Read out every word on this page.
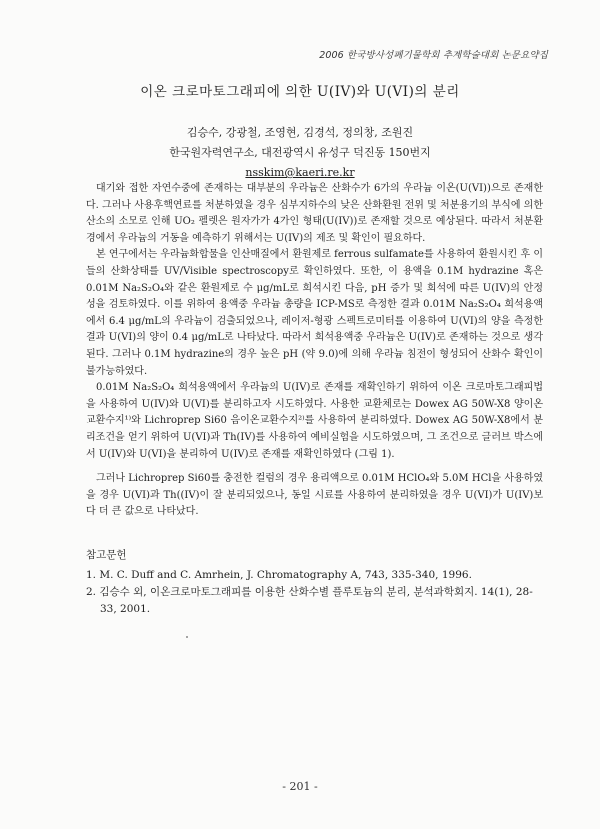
2006 한국방사성폐기물학회 추계학술대회 논문요약집
이온 크로마토그래피에 의한 U(IV)와 U(VI)의 분리
김승수, 강광철, 조영현, 김경석, 정의창, 조원진
한국원자력연구소, 대전광역시 유성구 덕진동 150번지
nsskim@kaeri.re.kr

대기와 접한 자연수중에 존재하는 대부분의 우라늄은 산화수가 6가의 우라늄 이온(U(VI))으로 존재한다. 그러나 사용후핵연료를 처분하였을 경우 심부지하수의 낮은 산화환원 전위 및 처분용기의 부식에 의한 산소의 소모로 인해 UO₂ 펠렛은 원자가가 4가인 형태(U(IV))로 존재할 것으로 예상된다. 따라서 처분환경에서 우라늄의 거동을 예측하기 위해서는 U(IV)의 제조 및 확인이 필요하다.

본 연구에서는 우라늄화합물을 인산매질에서 환원제로 ferrous sulfamate를 사용하여 환원시킨 후 이들의 산화상태를 UV/Visible spectroscopy로 확인하였다. 또한, 이 용액을 0.1M hydrazine 혹은 0.01M Na₂S₂O₄와 같은 환원제로 수 μg/mL로 희석시킨 다음, pH 증가 및 희석에 따른 U(IV)의 안정성을 검토하였다. 이를 위하여 용액중 우라늄 총량을 ICP-MS로 측정한 결과 0.01M Na₂S₂O₄ 희석용액에서 6.4 μg/mL의 우라늄이 검출되었으나, 레이저-형광 스펙트로미터를 이용하여 U(VI)의 양을 측정한 결과 U(VI)의 양이 0.4 μg/mL로 나타났다. 따라서 희석용액중 우라늄은 U(IV)로 존재하는 것으로 생각된다. 그러나 0.1M hydrazine의 경우 높은 pH (약 9.0)에 의해 우라늄 침전이 형성되어 산화수 확인이 불가능하였다.

0.01M Na₂S₂O₄ 희석용액에서 우라늄의 U(IV)로 존재를 재확인하기 위하여 이온 크로마토그래피법을 사용하여 U(IV)와 U(VI)를 분리하고자 시도하였다. 사용한 교환체로는 Dowex AG 50W-X8 양이온교환수지¹⁾와 Lichroprep Si60 음이온교환수지²⁾를 사용하여 분리하였다. Dowex AG 50W-X8에서 분리조건을 얻기 위하여 U(VI)과 Th(IV)를 사용하여 예비실험을 시도하였으며, 그 조건으로 글러브 박스에서 U(IV)와 U(VI)을 분리하여 U(IV)로 존재를 재확인하였다 (그림 1).

그러나 Lichroprep Si60를 충전한 컬럼의 경우 용리액으로 0.01M HClO₄와 5.0M HCl을 사용하였을 경우 U(VI)과 Th((IV)이 잘 분리되었으나, 동일 시료를 사용하여 분리하였을 경우 U(VI)가 U(IV)보다 더 큰 값으로 나타났다.

참고문헌
1. M. C. Duff and C. Amrhein, J. Chromatography A, 743, 335-340, 1996.
2. 김승수 외, 이온크로마토그래피를 이용한 산화수별 플루토늄의 분리, 분석과학회지. 14(1), 28-33, 2001.
- 201 -
